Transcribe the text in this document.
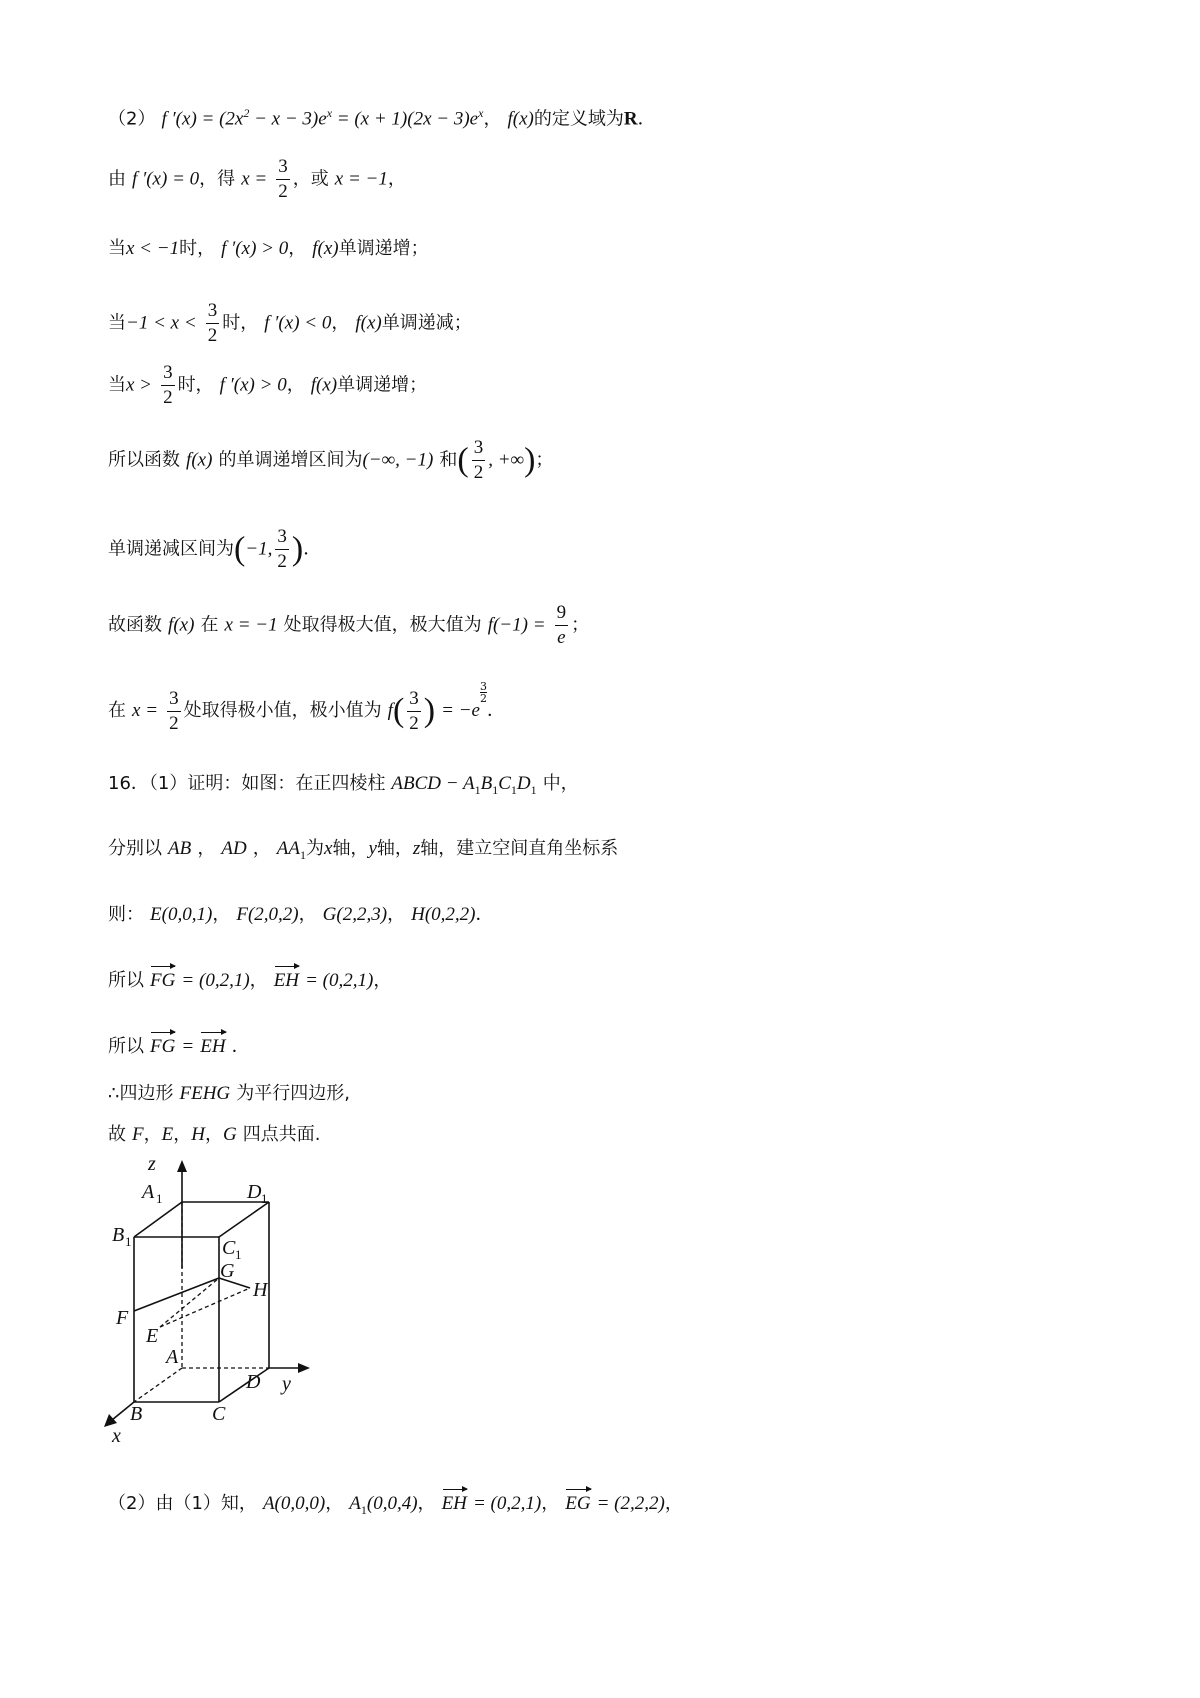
（2） f $'(x) = (2x^2 - x - 3)e^x = (x + 1)(2x - 3)e^x$， f(x)的定义域为R．
由 f ′(x) = 0，得 $x = \frac{3}{2}$ ，或 x = −1，
当x < −1时， f ′(x) > 0， f(x)单调递增；
当$-1 < x < \frac{3}{2}$ 时， f ′(x) < 0， f(x)单调递减；
当$x > \frac{3}{2}$ 时， f ′(x) > 0， f(x)单调递增；
所以函数 f(x) 的单调递增区间为(−∞, −1) 和( $\frac{3}{2}$ , +∞)；
单调递减区间为(−1, $\frac{3}{2}$ )．
故函数 f(x) 在 x = −1 处取得极大值，极大值为 $f(-1) = \frac{9}{e}$ ；
在 $x = \frac{3}{2}$ 处取得极小值，极小值为 $f( \frac{3}{2}$ ) = −e
$\frac{3}{2}$
．
16．（1）证明：如图：在正四棱柱 ABCD − $A_1B_1C_1D_1$ 中，
分别以 AB ， AD ， $AA_1$为x轴，y轴，z轴，建立空间直角坐标系
则： E(0,0,1)， F(2,0,2)， G(2,2,3)， H(0,2,2)．
所以 FG = (0,2,1)， EH = (0,2,1)，
所以 FG = EH ．
∴四边形 FEHG 为平行四边形,
故 F，E，H，G 四点共面.
z
A 1	D 1
B 1	C 1
G
H
F
E
A
D y
B	C
x
（2）由（1）知， A(0,0,0)， $A_1(0,0,4)$， EH = (0,2,1)， EG = (2,2,2)，
